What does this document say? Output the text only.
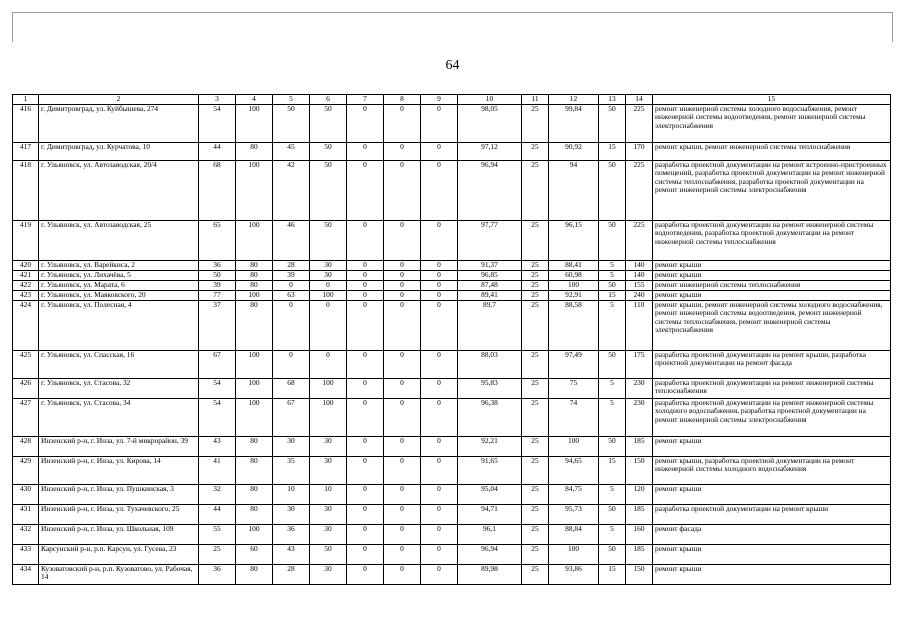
64
1	2	3	4	5	6	7	8	9	10	11	12	13	14	15
416	г. Димитровград, ул. Куйбышева, 274	54	100	50	50	0	0	0	98,05	25	99,84	50	225	ремонт инженерной системы холодного водоснабжения, ремонт инженерной системы водоотведения, ремонт инженерной системы электроснабжения
417	г. Димитровград, ул. Курчатова, 10	44	80	45	50	0	0	0	97,12	25	90,92	15	170	ремонт крыши, ремонт инженерной системы теплоснабжения
418	г. Ульяновск, ул. Автозаводская, 20/4	68	100	42	50	0	0	0	96,94	25	94	50	225	разработка проектной документации на ремонт встроенно-пристроенных помещений, разработка проектной документации на ремонт инженерной системы теплоснабжения, разработка проектной документации на ремонт инженерной системы электроснабжения
419	г. Ульяновск, ул. Автозаводская, 25	65	100	46	50	0	0	0	97,77	25	96,15	50	225	разработка проектной документации на ремонт инженерной системы водоотведения, разработка проектной документации на ремонт инженерной системы теплоснабжения
420	г. Ульяновск, ул. Варейкиса, 2	36	80	28	30	0	0	0	91,37	25	88,41	5	140	ремонт крыши
421	г. Ульяновск, ул. Лихачёва, 5	50	80	39	30	0	0	0	96,85	25	60,98	5	140	ремонт крыши
422	г. Ульяновск, ул. Марата, 6	39	80	0	0	0	0	0	87,48	25	100	50	155	ремонт инженерной системы теплоснабжения
423	г. Ульяновск, ул. Маяковского, 20	77	100	63	100	0	0	0	89,41	25	92,91	15	240	ремонт крыши
424	г. Ульяновск, ул. Полесная, 4	37	80	0	0	0	0	0	89,7	25	88,58	5	110	ремонт крыши, ремонт инженерной системы холодного водоснабжения, ремонт инженерной системы водоотведения, ремонт инженерной системы теплоснабжения, ремонт инженерной системы электроснабжения
425	г. Ульяновск, ул. Спасская, 16	67	100	0	0	0	0	0	88,03	25	97,49	50	175	разработка проектной документации на ремонт крыши, разработка проектной документации на ремонт фасада
426	г. Ульяновск, ул. Стасова, 32	54	100	68	100	0	0	0	95,83	25	75	5	230	разработка проектной документации на ремонт инженерной системы теплоснабжения
427	г. Ульяновск, ул. Стасова, 34	54	100	67	100	0	0	0	96,38	25	74	5	230	разработка проектной документации на ремонт инженерной системы холодного водоснабжения, разработка проектной документации на ремонт инженерной системы электроснабжения
428	Инзенский р-н, г. Инза, ул. 7-й микрорайон, 39	43	80	30	30	0	0	0	92,21	25	100	50	185	ремонт крыши
429	Инзенский р-н, г. Инза, ул. Кирова, 14	41	80	35	30	0	0	0	91,65	25	94,65	15	150	ремонт крыши, разработка проектной документации на ремонт инженерной системы холодного водоснабжения
430	Инзенский р-н, г. Инза, ул. Пушкинская, 3	32	80	10	10	0	0	0	95,04	25	84,75	5	120	ремонт крыши
431	Инзенский р-н, г. Инза, ул. Тухачевского, 25	44	80	30	30	0	0	0	94,71	25	95,73	50	185	разработка проектной документации на ремонт крыши
432	Инзенский р-н, г. Инза, ул. Школьная, 109	55	100	36	30	0	0	0	96,1	25	88,84	5	160	ремонт фасада
433	Карсунский р-н, р.п. Карсун, ул. Гусева, 23	25	60	43	50	0	0	0	96,94	25	100	50	185	ремонт крыши
434	Кузоватовский р-н, р.п. Кузоватово, ул. Рабочая, 14	36	80	28	30	0	0	0	89,98	25	93,86	15	150	ремонт крыши
